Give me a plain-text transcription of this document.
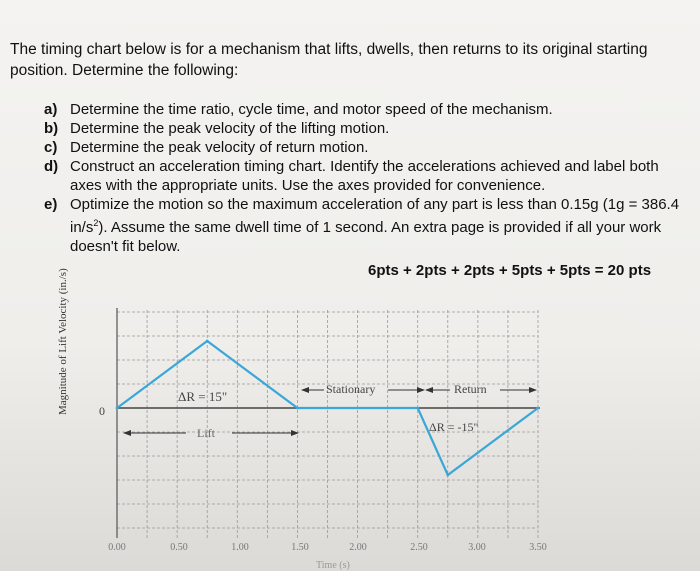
The timing chart below is for a mechanism that lifts, dwells, then returns to its original starting position. Determine the following:
a) Determine the time ratio, cycle time, and motor speed of the mechanism.
b) Determine the peak velocity of the lifting motion.
c) Determine the peak velocity of return motion.
d) Construct an acceleration timing chart. Identify the accelerations achieved and label both axes with the appropriate units. Use the axes provided for convenience.
e) Optimize the motion so the maximum acceleration of any part is less than 0.15g (1g = 386.4 $in/s^2$). Assume the same dwell time of 1 second. An extra page is provided if all your work doesn't fit below.
6pts + 2pts + 2pts + 5pts + 5pts = 20 pts
Magnitude of Lift Velocity (in./s)	0
ΔR = 15"
Lift
Stationary	Return
ΔR = -15"
0.00	0.50	1.00	1.50	2.00	2.50	3.00	3.50
Time (s)
